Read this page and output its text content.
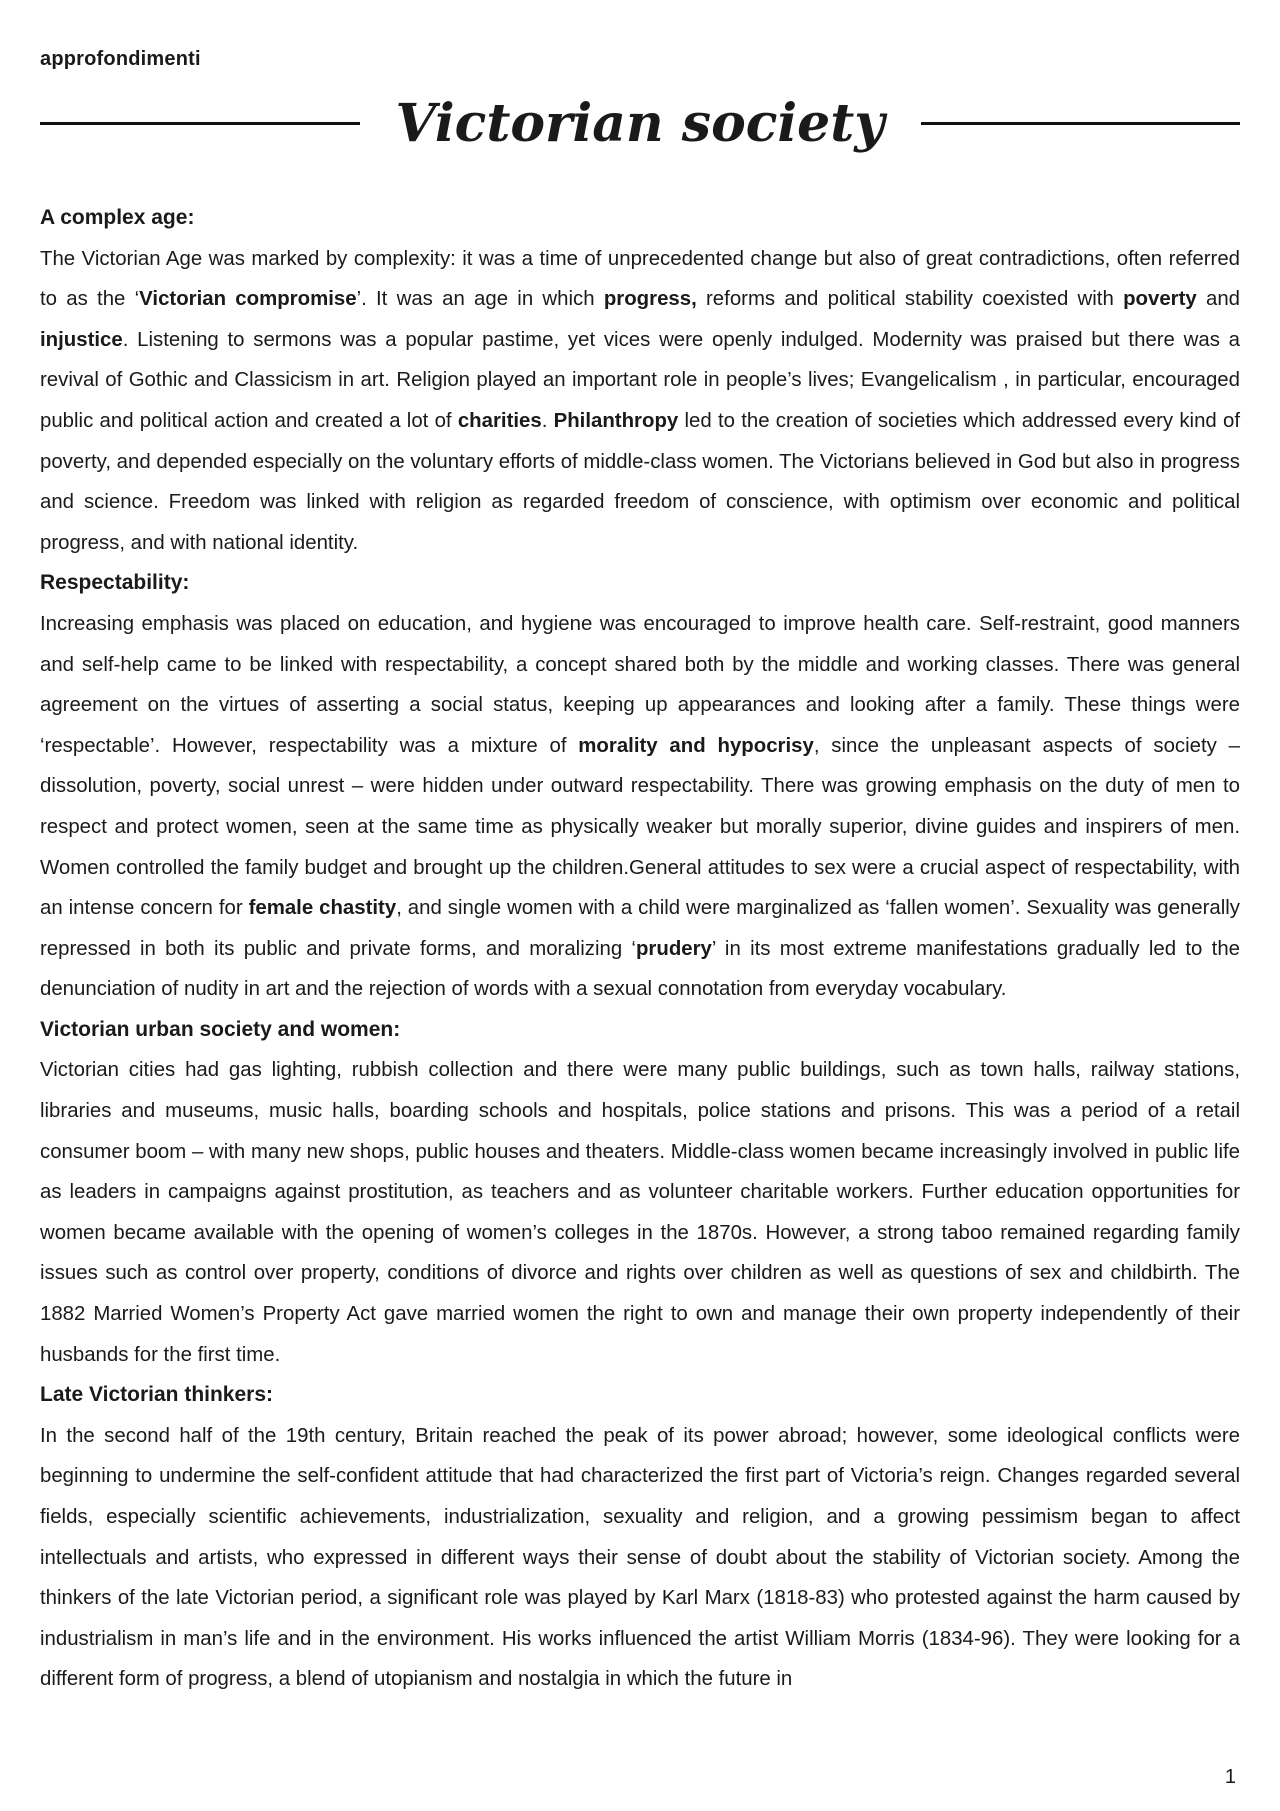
approfondimenti
Victorian society
A complex age:

The Victorian Age was marked by complexity: it was a time of unprecedented change but also of great contradictions, often referred to as the ‘Victorian compromise’. It was an age in which progress, reforms and political stability coexisted with poverty and injustice. Listening to sermons was a popular pastime, yet vices were openly indulged. Modernity was praised but there was a revival of Gothic and Classicism in art. Religion played an important role in people’s lives; Evangelicalism , in particular, encouraged public and political action and created a lot of charities. Philanthropy led to the creation of societies which addressed every kind of poverty, and depended especially on the voluntary efforts of middle-class women. The Victorians believed in God but also in progress and science. Freedom was linked with religion as regarded freedom of conscience, with optimism over economic and political progress, and with national identity.

Respectability:

Increasing emphasis was placed on education, and hygiene was encouraged to improve health care. Self-restraint, good manners and self-help came to be linked with respectability, a concept shared both by the middle and working classes. There was general agreement on the virtues of asserting a social status, keeping up appearances and looking after a family. These things were ‘respectable’. However, respectability was a mixture of morality and hypocrisy, since the unpleasant aspects of society – dissolution, poverty, social unrest – were hidden under outward respectability. There was growing emphasis on the duty of men to respect and protect women, seen at the same time as physically weaker but morally superior, divine guides and inspirers of men. Women controlled the family budget and brought up the children.General attitudes to sex were a crucial aspect of respectability, with an intense concern for female chastity, and single women with a child were marginalized as ‘fallen women’. Sexuality was generally repressed in both its public and private forms, and moralizing ‘prudery’ in its most extreme manifestations gradually led to the denunciation of nudity in art and the rejection of words with a sexual connotation from everyday vocabulary.

Victorian urban society and women:

Victorian cities had gas lighting, rubbish collection and there were many public buildings, such as town halls, railway stations, libraries and museums, music halls, boarding schools and hospitals, police stations and prisons. This was a period of a retail consumer boom – with many new shops, public houses and theaters. Middle-class women became increasingly involved in public life as leaders in campaigns against prostitution, as teachers and as volunteer charitable workers. Further education opportunities for women became available with the opening of women’s colleges in the 1870s. However, a strong taboo remained regarding family issues such as control over property, conditions of divorce and rights over children as well as questions of sex and childbirth. The 1882 Married Women’s Property Act gave married women the right to own and manage their own property independently of their husbands for the first time.

Late Victorian thinkers:

In the second half of the 19th century, Britain reached the peak of its power abroad; however, some ideological conflicts were beginning to undermine the self-confident attitude that had characterized the first part of Victoria’s reign. Changes regarded several fields, especially scientific achievements, industrialization, sexuality and religion, and a growing pessimism began to affect intellectuals and artists, who expressed in different ways their sense of doubt about the stability of Victorian society. Among the thinkers of the late Victorian period, a significant role was played by Karl Marx (1818-83) who protested against the harm caused by industrialism in man’s life and in the environment. His works influenced the artist William Morris (1834-96). They were looking for a different form of progress, a blend of utopianism and nostalgia in which the future in

1
